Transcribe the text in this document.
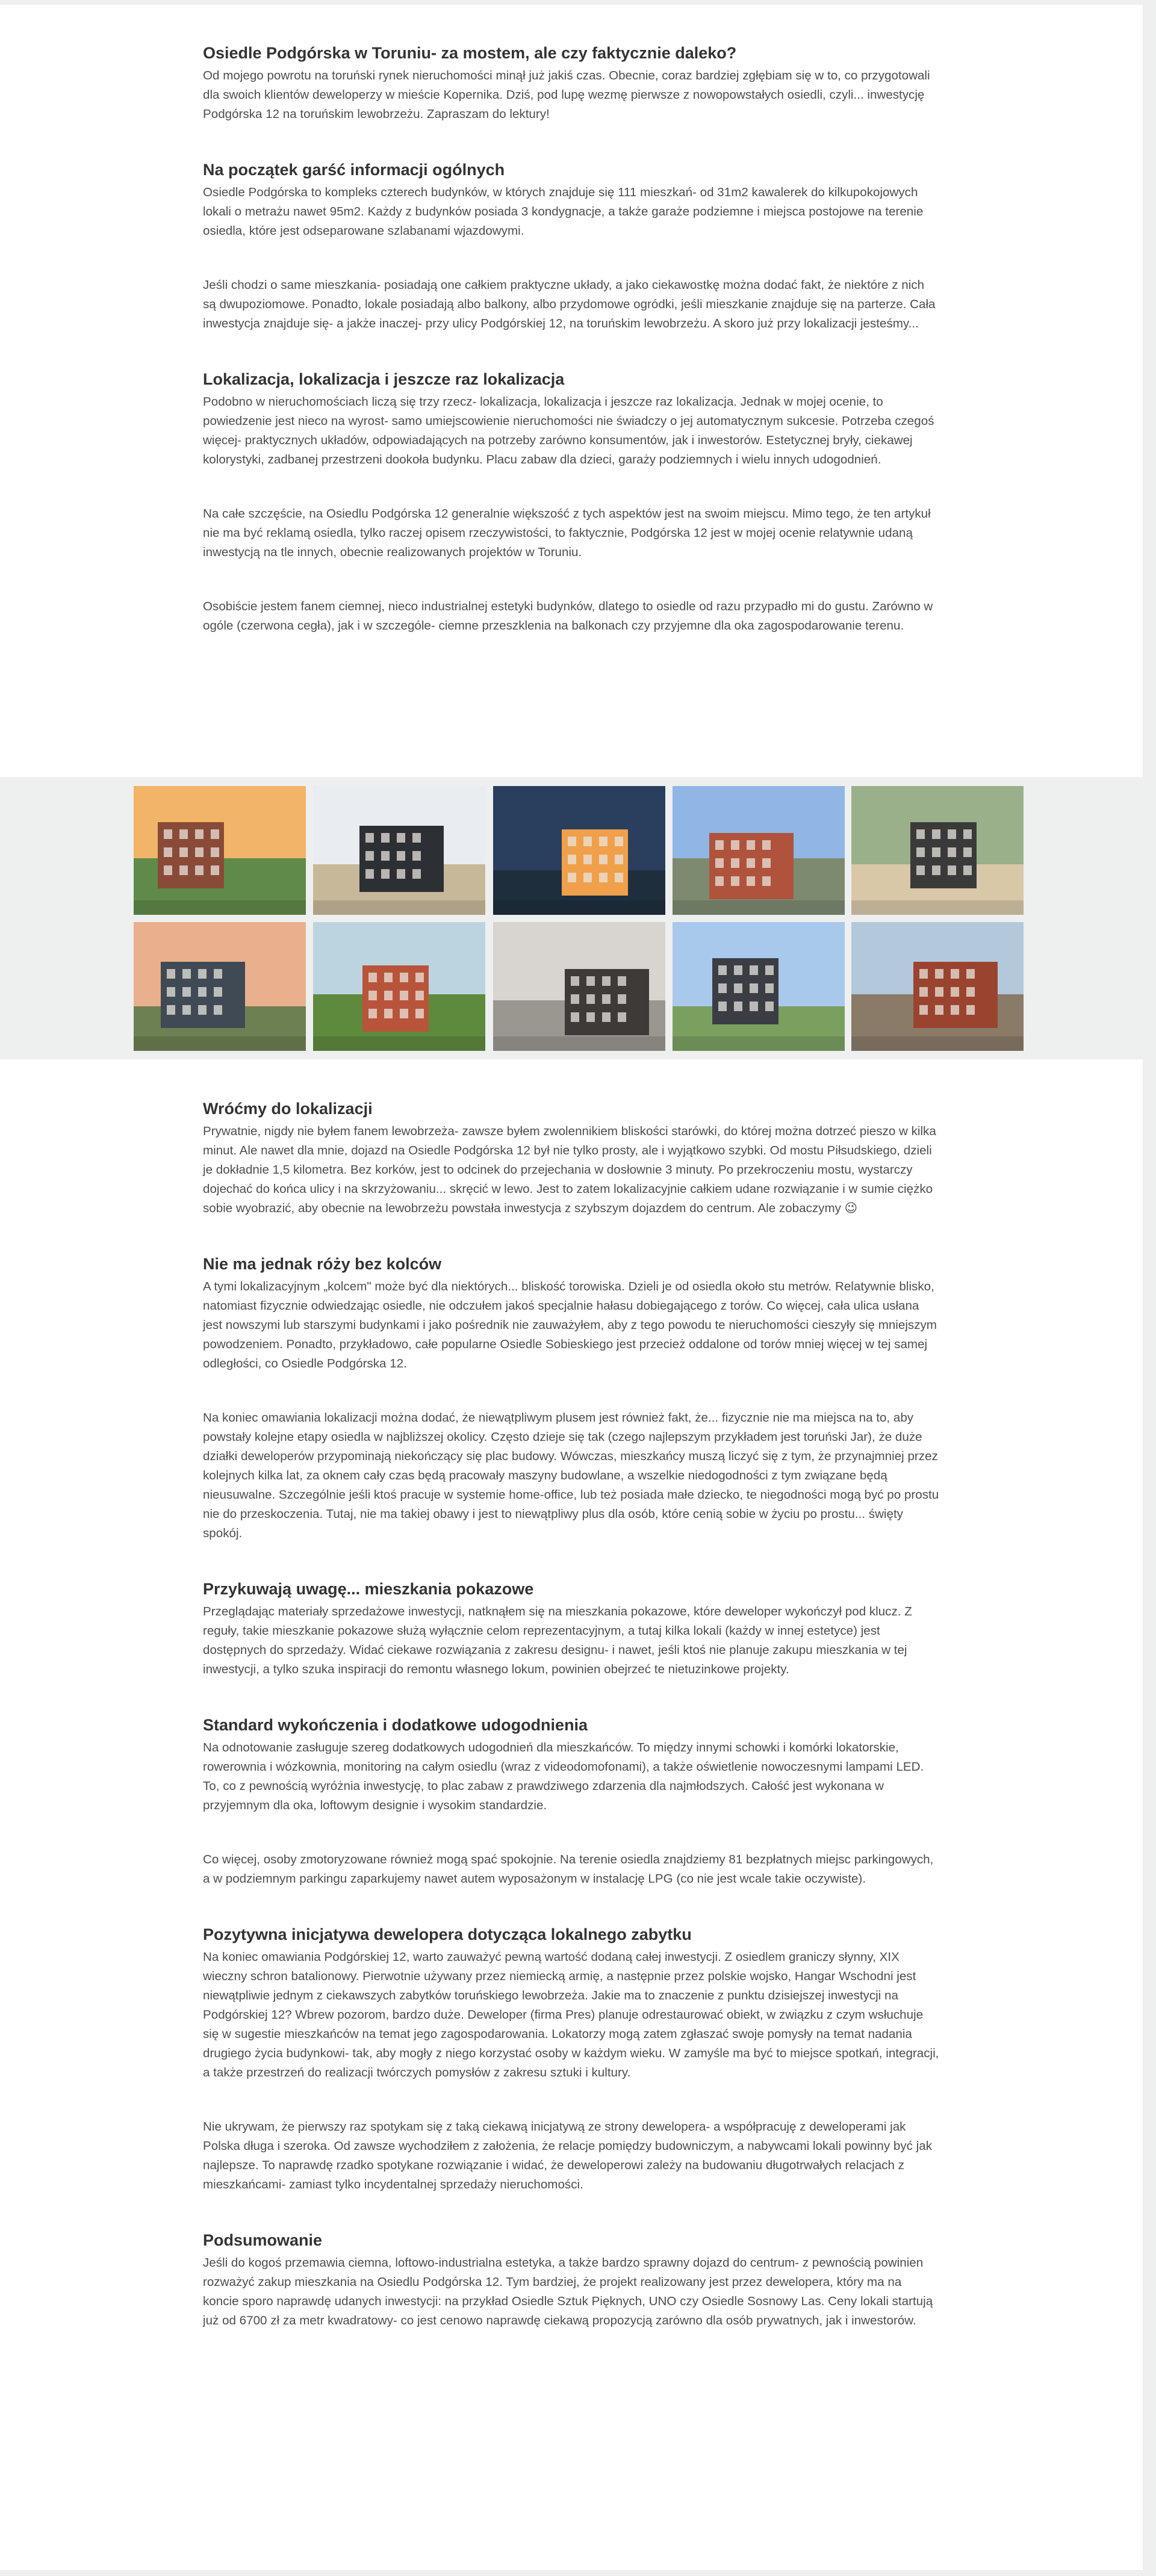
Osiedle Podgórska w Toruniu- za mostem, ale czy faktycznie daleko?

Od mojego powrotu na toruński rynek nieruchomości minął już jakiś czas. Obecnie, coraz bardziej zgłębiam się w to, co przygotowali dla swoich klientów deweloperzy w mieście Kopernika. Dziś, pod lupę wezmę pierwsze z nowopowstałych osiedli, czyli... inwestycję Podgórska 12 na toruńskim lewobrzeżu. Zapraszam do lektury!

Na początek garść informacji ogólnych

Osiedle Podgórska to kompleks czterech budynków, w których znajduje się 111 mieszkań- od 31m2 kawalerek do kilkupokojowych lokali o metrażu nawet 95m2. Każdy z budynków posiada 3 kondygnacje, a także garaże podziemne i miejsca postojowe na terenie osiedla, które jest odseparowane szlabanami wjazdowymi.

Jeśli chodzi o same mieszkania- posiadają one całkiem praktyczne układy, a jako ciekawostkę można dodać fakt, że niektóre z nich są dwupoziomowe. Ponadto, lokale posiadają albo balkony, albo przydomowe ogródki, jeśli mieszkanie znajduje się na parterze. Cała inwestycja znajduje się- a jakże inaczej- przy ulicy Podgórskiej 12, na toruńskim lewobrzeżu. A skoro już przy lokalizacji jesteśmy...

Lokalizacja, lokalizacja i jeszcze raz lokalizacja

Podobno w nieruchomościach liczą się trzy rzecz- lokalizacja, lokalizacja i jeszcze raz lokalizacja. Jednak w mojej ocenie, to powiedzenie jest nieco na wyrost- samo umiejscowienie nieruchomości nie świadczy o jej automatycznym sukcesie. Potrzeba czegoś więcej- praktycznych układów, odpowiadających na potrzeby zarówno konsumentów, jak i inwestorów. Estetycznej bryły, ciekawej kolorystyki, zadbanej przestrzeni dookoła budynku. Placu zabaw dla dzieci, garaży podziemnych i wielu innych udogodnień.

Na całe szczęście, na Osiedlu Podgórska 12 generalnie większość z tych aspektów jest na swoim miejscu. Mimo tego, że ten artykuł nie ma być reklamą osiedla, tylko raczej opisem rzeczywistości, to faktycznie, Podgórska 12 jest w mojej ocenie relatywnie udaną inwestycją na tle innych, obecnie realizowanych projektów w Toruniu.

Osobiście jestem fanem ciemnej, nieco industrialnej estetyki budynków, dlatego to osiedle od razu przypadło mi do gustu. Zarówno w ogóle (czerwona cegła), jak i w szczególe- ciemne przeszklenia na balkonach czy przyjemne dla oka zagospodarowanie terenu.

Wróćmy do lokalizacji

Prywatnie, nigdy nie byłem fanem lewobrzeża- zawsze byłem zwolennikiem bliskości starówki, do której można dotrzeć pieszo w kilka minut. Ale nawet dla mnie, dojazd na Osiedle Podgórska 12 był nie tylko prosty, ale i wyjątkowo szybki. Od mostu Piłsudskiego, dzieli je dokładnie 1,5 kilometra. Bez korków, jest to odcinek do przejechania w dosłownie 3 minuty. Po przekroczeniu mostu, wystarczy dojechać do końca ulicy i na skrzyżowaniu... skręcić w lewo. Jest to zatem lokalizacyjnie całkiem udane rozwiązanie i w sumie ciężko sobie wyobrazić, aby obecnie na lewobrzeżu powstała inwestycja z szybszym dojazdem do centrum. Ale zobaczymy 😉

Nie ma jednak róży bez kolców

A tymi lokalizacyjnym „kolcem" może być dla niektórych... bliskość torowiska. Dzieli je od osiedla około stu metrów. Relatywnie blisko, natomiast fizycznie odwiedzając osiedle, nie odczułem jakoś specjalnie hałasu dobiegającego z torów. Co więcej, cała ulica usłana jest nowszymi lub starszymi budynkami i jako pośrednik nie zauważyłem, aby z tego powodu te nieruchomości cieszyły się mniejszym powodzeniem. Ponadto, przykładowo, całe popularne Osiedle Sobieskiego jest przecież oddalone od torów mniej więcej w tej samej odległości, co Osiedle Podgórska 12.

Na koniec omawiania lokalizacji można dodać, że niewątpliwym plusem jest również fakt, że... fizycznie nie ma miejsca na to, aby powstały kolejne etapy osiedla w najbliższej okolicy. Często dzieje się tak (czego najlepszym przykładem jest toruński Jar), że duże działki deweloperów przypominają niekończący się plac budowy. Wówczas, mieszkańcy muszą liczyć się z tym, że przynajmniej przez kolejnych kilka lat, za oknem cały czas będą pracowały maszyny budowlane, a wszelkie niedogodności z tym związane będą nieusuwalne. Szczególnie jeśli ktoś pracuje w systemie home-office, lub też posiada małe dziecko, te niegodności mogą być po prostu nie do przeskoczenia. Tutaj, nie ma takiej obawy i jest to niewątpliwy plus dla osób, które cenią sobie w życiu po prostu... święty spokój.

Przykuwają uwagę... mieszkania pokazowe

Przeglądając materiały sprzedażowe inwestycji, natknąłem się na mieszkania pokazowe, które deweloper wykończył pod klucz. Z reguły, takie mieszkanie pokazowe służą wyłącznie celom reprezentacyjnym, a tutaj kilka lokali (każdy w innej estetyce) jest dostępnych do sprzedaży. Widać ciekawe rozwiązania z zakresu designu- i nawet, jeśli ktoś nie planuje zakupu mieszkania w tej inwestycji, a tylko szuka inspiracji do remontu własnego lokum, powinien obejrzeć te nietuzinkowe projekty.

Standard wykończenia i dodatkowe udogodnienia

Na odnotowanie zasługuje szereg dodatkowych udogodnień dla mieszkańców. To między innymi schowki i komórki lokatorskie, rowerownia i wózkownia, monitoring na całym osiedlu (wraz z videodomofonami), a także oświetlenie nowoczesnymi lampami LED. To, co z pewnością wyróżnia inwestycję, to plac zabaw z prawdziwego zdarzenia dla najmłodszych. Całość jest wykonana w przyjemnym dla oka, loftowym designie i wysokim standardzie.

Co więcej, osoby zmotoryzowane również mogą spać spokojnie. Na terenie osiedla znajdziemy 81 bezpłatnych miejsc parkingowych, a w podziemnym parkingu zaparkujemy nawet autem wyposażonym w instalację LPG (co nie jest wcale takie oczywiste).

Pozytywna inicjatywa dewelopera dotycząca lokalnego zabytku

Na koniec omawiania Podgórskiej 12, warto zauważyć pewną wartość dodaną całej inwestycji. Z osiedlem graniczy słynny, XIX wieczny schron batalionowy. Pierwotnie używany przez niemiecką armię, a następnie przez polskie wojsko, Hangar Wschodni jest niewątpliwie jednym z ciekawszych zabytków toruńskiego lewobrzeża. Jakie ma to znaczenie z punktu dzisiejszej inwestycji na Podgórskiej 12? Wbrew pozorom, bardzo duże. Deweloper (firma Pres) planuje odrestaurować obiekt, w związku z czym wsłuchuje się w sugestie mieszkańców na temat jego zagospodarowania. Lokatorzy mogą zatem zgłaszać swoje pomysły na temat nadania drugiego życia budynkowi- tak, aby mogły z niego korzystać osoby w każdym wieku. W zamyśle ma być to miejsce spotkań, integracji, a także przestrzeń do realizacji twórczych pomysłów z zakresu sztuki i kultury.

Nie ukrywam, że pierwszy raz spotykam się z taką ciekawą inicjatywą ze strony dewelopera- a współpracuję z deweloperami jak Polska długa i szeroka. Od zawsze wychodziłem z założenia, że relacje pomiędzy budowniczym, a nabywcami lokali powinny być jak najlepsze. To naprawdę rzadko spotykane rozwiązanie i widać, że deweloperowi zależy na budowaniu długotrwałych relacjach z mieszkańcami- zamiast tylko incydentalnej sprzedaży nieruchomości.

Podsumowanie

Jeśli do kogoś przemawia ciemna, loftowo-industrialna estetyka, a także bardzo sprawny dojazd do centrum- z pewnością powinien rozważyć zakup mieszkania na Osiedlu Podgórska 12. Tym bardziej, że projekt realizowany jest przez dewelopera, który ma na koncie sporo naprawdę udanych inwestycji: na przykład Osiedle Sztuk Pięknych, UNO czy Osiedle Sosnowy Las. Ceny lokali startują już od 6700 zł za metr kwadratowy- co jest cenowo naprawdę ciekawą propozycją zarówno dla osób prywatnych, jak i inwestorów.
